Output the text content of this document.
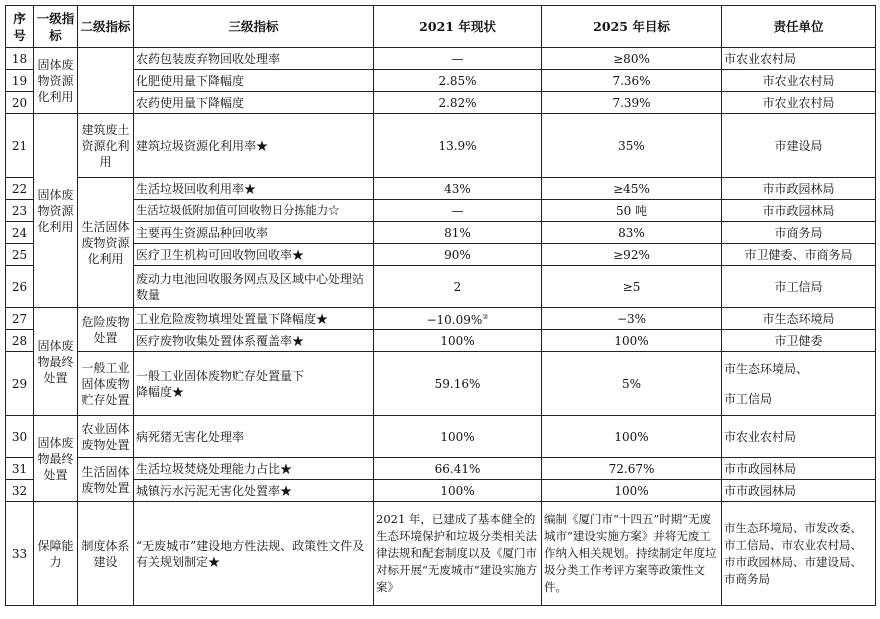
序号	一级指标	二级指标	三级指标	2021 年现状	2025 年目标	责任单位
18	固体废物资源化利用		农药包装废弃物回收处理率	—	≥80%	市农业农村局
19			化肥使用量下降幅度	2.85%	7.36%	市农业农村局
20			农药使用量下降幅度	2.82%	7.39%	市农业农村局
21	固体废物资源化利用	建筑废土资源化利用	建筑垃圾资源化利用率★	13.9%	35%	市建设局
22		生活固体废物资源化利用	生活垃圾回收利用率★	43%	≥45%	市市政园林局
23			生活垃圾低附加值可回收物日分拣能力☆	—	50 吨	市市政园林局
24			主要再生资源品种回收率	81%	83%	市商务局
25			医疗卫生机构可回收物回收率★	90%	≥92%	市卫健委、市商务局
26			废动力电池回收服务网点及区域中心处理站数量	2	≥5	市工信局
27	固体废物最终处置	危险废物处置	工业危险废物填埋处置量下降幅度★	−10.09%②	−3%	市生态环境局
28			医疗废物收集处置体系覆盖率★	100%	100%	市卫健委
29		一般工业固体废物贮存处置	一般工业固体废物贮存处置量下降幅度★	59.16%	5%	市生态环境局、
市工信局

30	固体废物最终处置	农业固体废物处置	病死猪无害化处理率	100%	100%	市农业农村局
31		生活固体废物处置	生活垃圾焚烧处理能力占比★	66.41%	72.67%	市市政园林局
32			城镇污水污泥无害化处置率★	100%	100%	市市政园林局
33	保障能力	制度体系建设	“无废城市”建设地方性法规、政策性文件及有关规划制定★	2021 年，已建成了基本健全的生态环境保护和垃圾分类相关法律法规和配套制度以及《厦门市对标开展“无废城市”建设实施方案》	编制《厦门市“十四五”时期“无废城市”建设实施方案》并将无废工作纳入相关规划。持续制定年度垃圾分类工作考评方案等政策性文件。	市生态环境局、市发改委、市工信局、市农业农村局、市市政园林局、市建设局、市商务局
